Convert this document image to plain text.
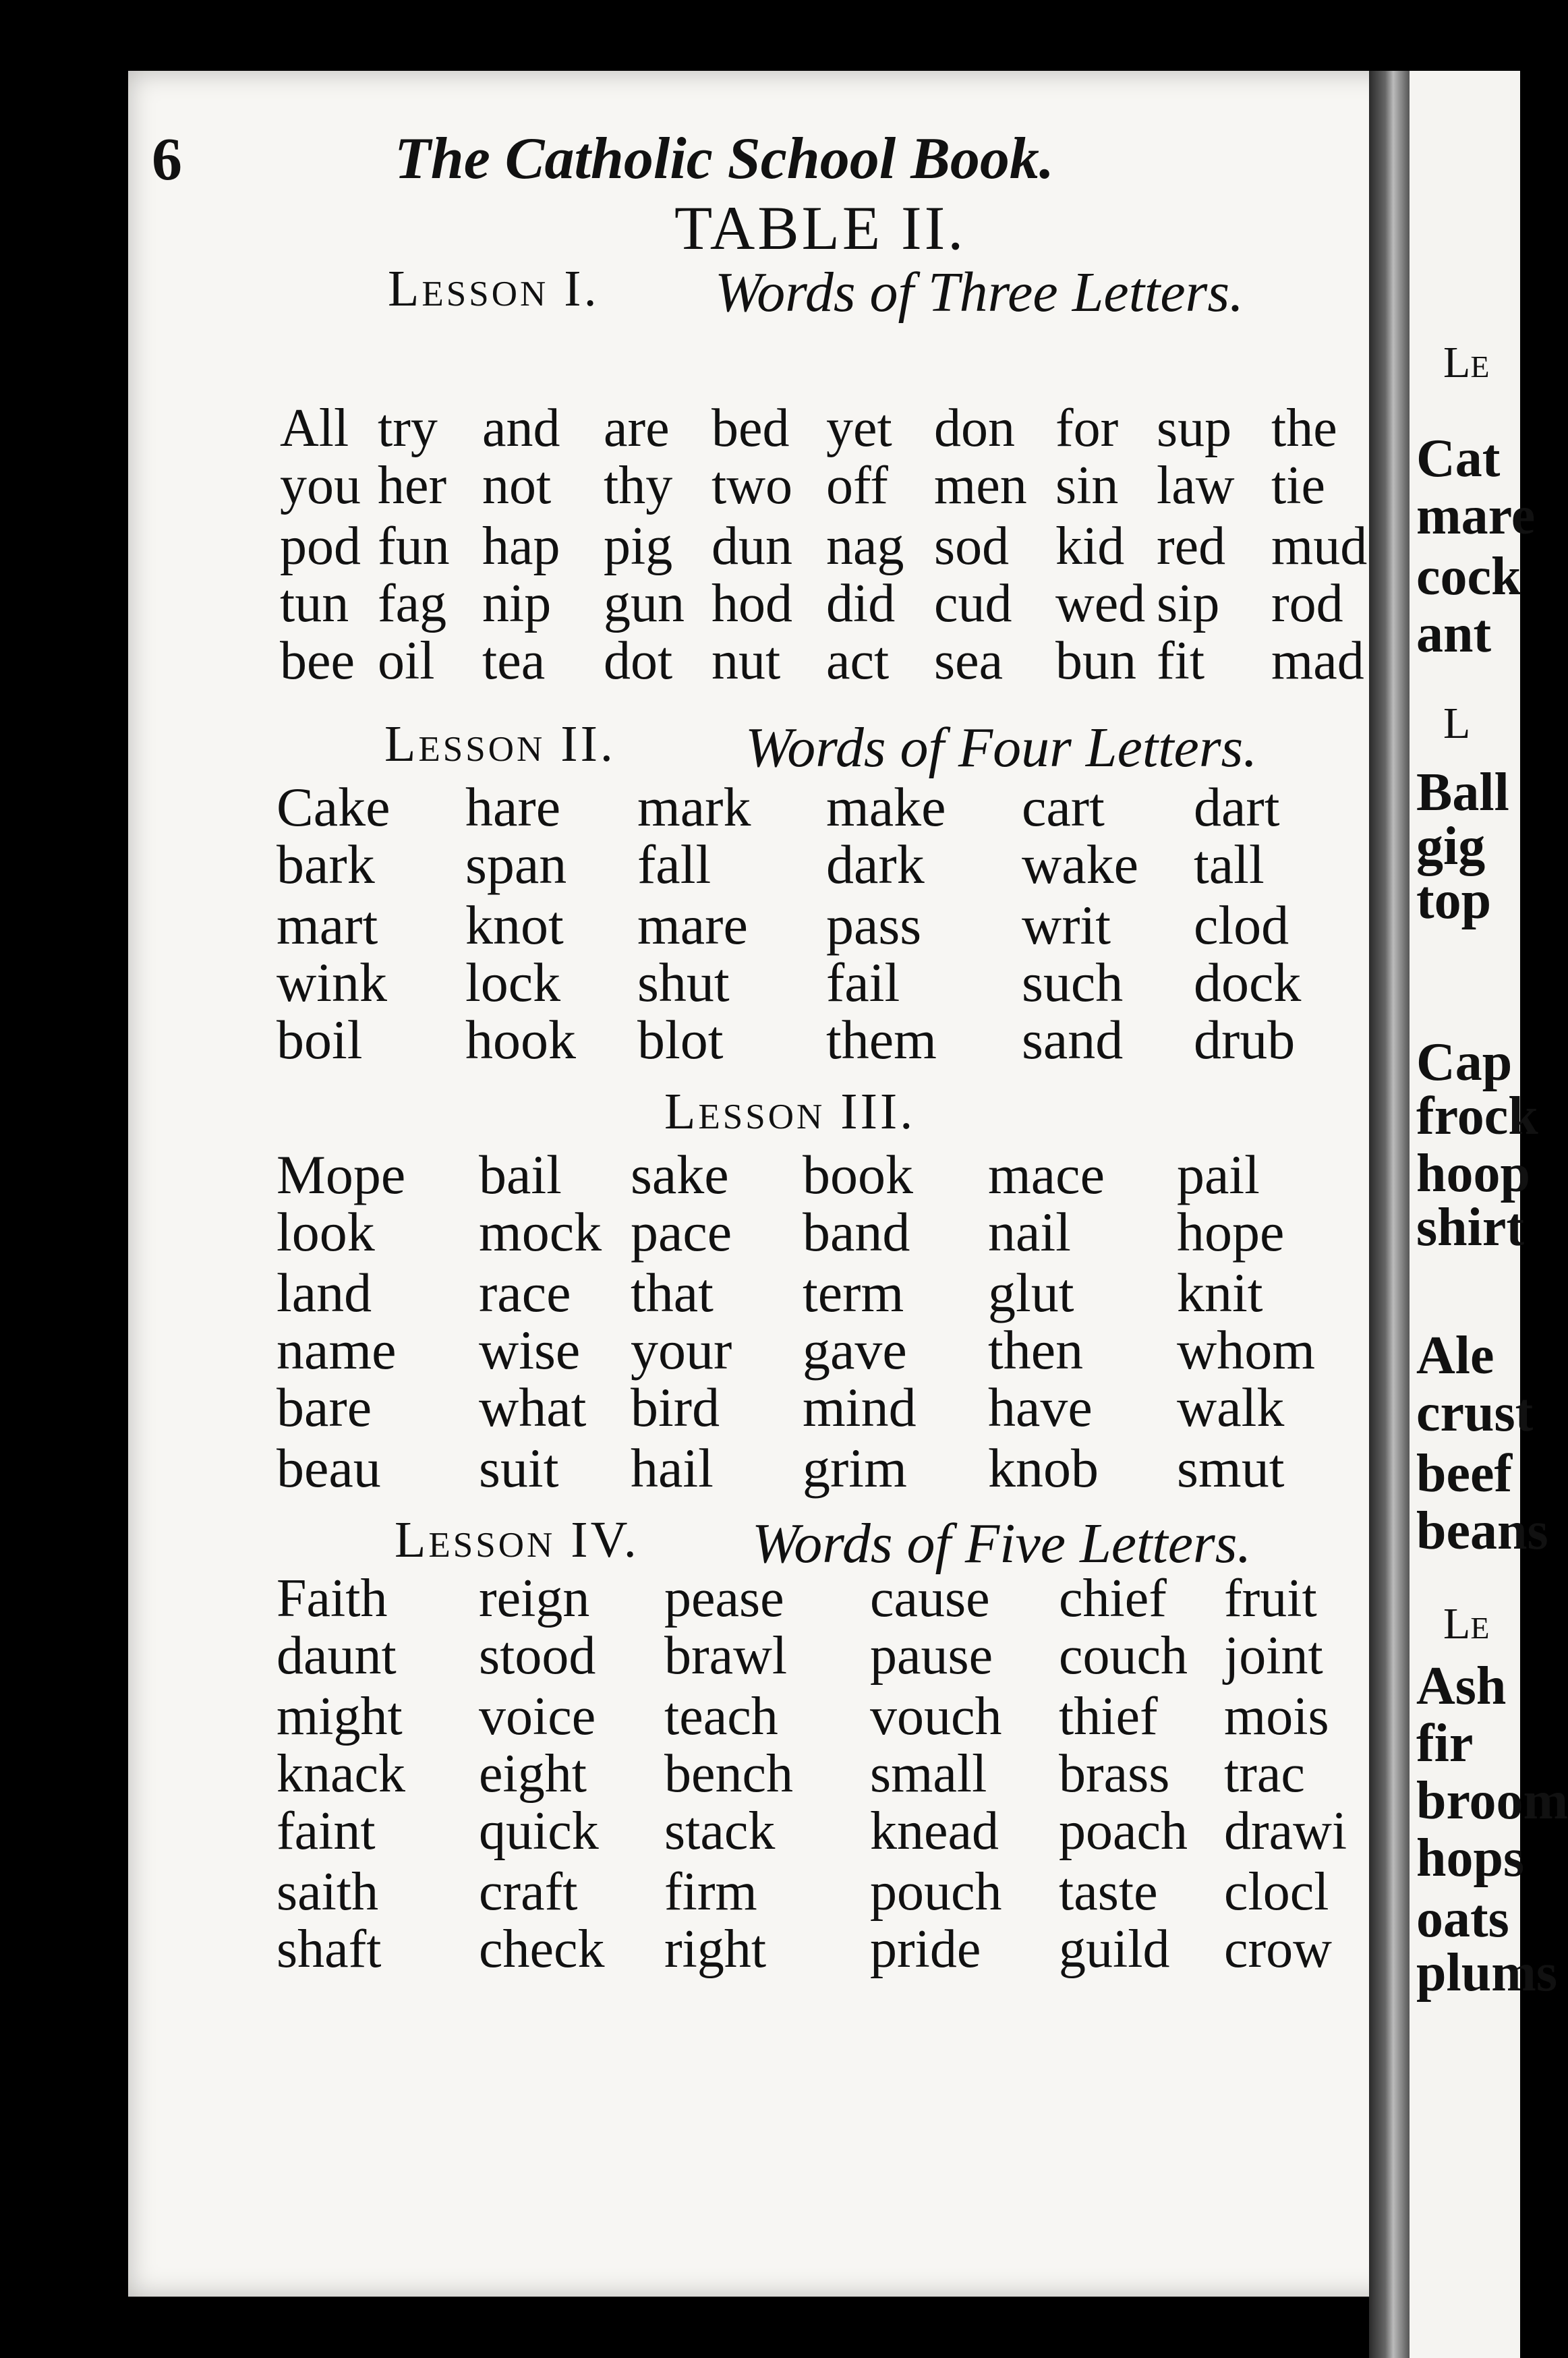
6	The Catholic School Book.
TABLE II.
Lesson I. Words of Three Letters.
All try and are bed yet don for sup the
you her not thy two off men sin law tie
pod fun hap pig dun nag sod kid red mud
tun fag nip gun hod did cud wed sip rod
bee oil tea dot nut act sea bun fit mad
Lesson II. Words of Four Letters.
Cake hare mark make cart dart
bark span fall dark wake tall
mart knot mare pass writ clod
wink lock shut fail such dock
boil hook blot them sand drub
Lesson III.
Mope bail sake book mace pail
look mock pace band nail hope
land race that term glut knit
name wise your gave then whom
bare what bird mind have walk
beau suit hail grim knob smut
Lesson IV. Words of Five Letters.
Faith reign pease cause chief fruit
daunt stood brawl pause couch joint
might voice teach vouch thief mois
knack eight bench small brass trac
faint quick stack knead poach drawi
saith craft firm pouch taste clocl
shaft check right pride guild crow
Le
Cat
mare
cock
ant
L
Ball
gig
top
Cap
frock
hoop
shirt
Ale
crust
beef
beans
Le
Ash
fir
broom
hops
oats
plums
